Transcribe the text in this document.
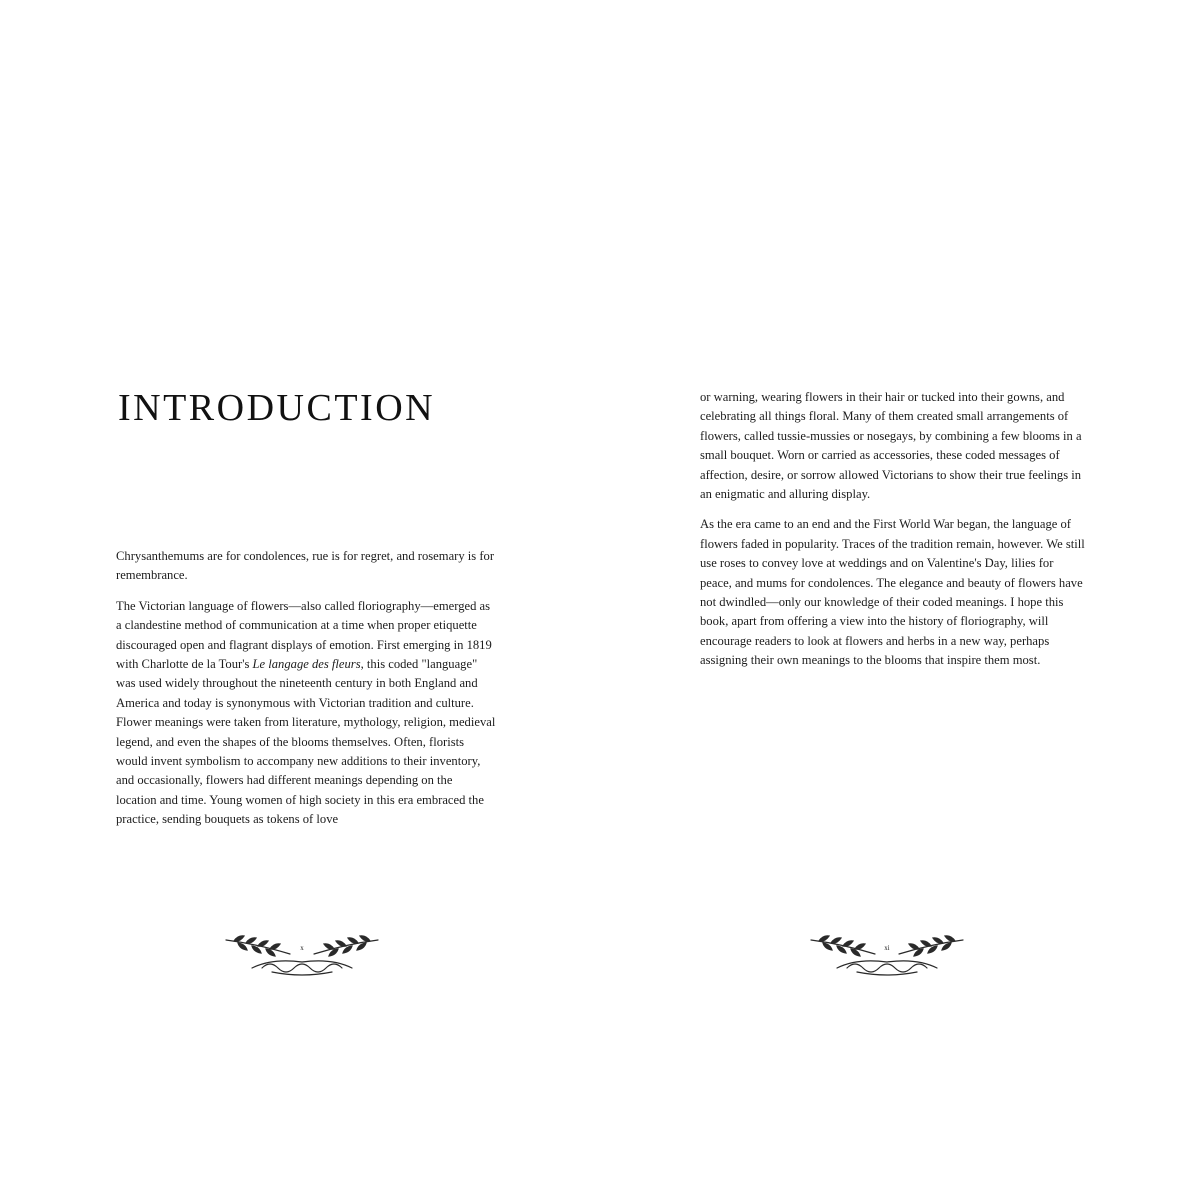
INTRODUCTION

Chrysanthemums are for condolences, rue is for regret, and rosemary is for remembrance.

The Victorian language of flowers—also called floriography—emerged as a clandestine method of communication at a time when proper etiquette discouraged open and flagrant displays of emotion. First emerging in 1819 with Charlotte de la Tour's Le langage des fleurs, this coded "language" was used widely throughout the nineteenth century in both England and America and today is synonymous with Victorian tradition and culture. Flower meanings were taken from literature, mythology, religion, medieval legend, and even the shapes of the blooms themselves. Often, florists would invent symbolism to accompany new additions to their inventory, and occasionally, flowers had different meanings depending on the location and time. Young women of high society in this era embraced the practice, sending bouquets as tokens of love

x

or warning, wearing flowers in their hair or tucked into their gowns, and celebrating all things floral. Many of them created small arrangements of flowers, called tussie-mussies or nosegays, by combining a few blooms in a small bouquet. Worn or carried as accessories, these coded messages of affection, desire, or sorrow allowed Victorians to show their true feelings in an enigmatic and alluring display.

As the era came to an end and the First World War began, the language of flowers faded in popularity. Traces of the tradition remain, however. We still use roses to convey love at weddings and on Valentine's Day, lilies for peace, and mums for condolences. The elegance and beauty of flowers have not dwindled—only our knowledge of their coded meanings. I hope this book, apart from offering a view into the history of floriography, will encourage readers to look at flowers and herbs in a new way, perhaps assigning their own meanings to the blooms that inspire them most.

xi
